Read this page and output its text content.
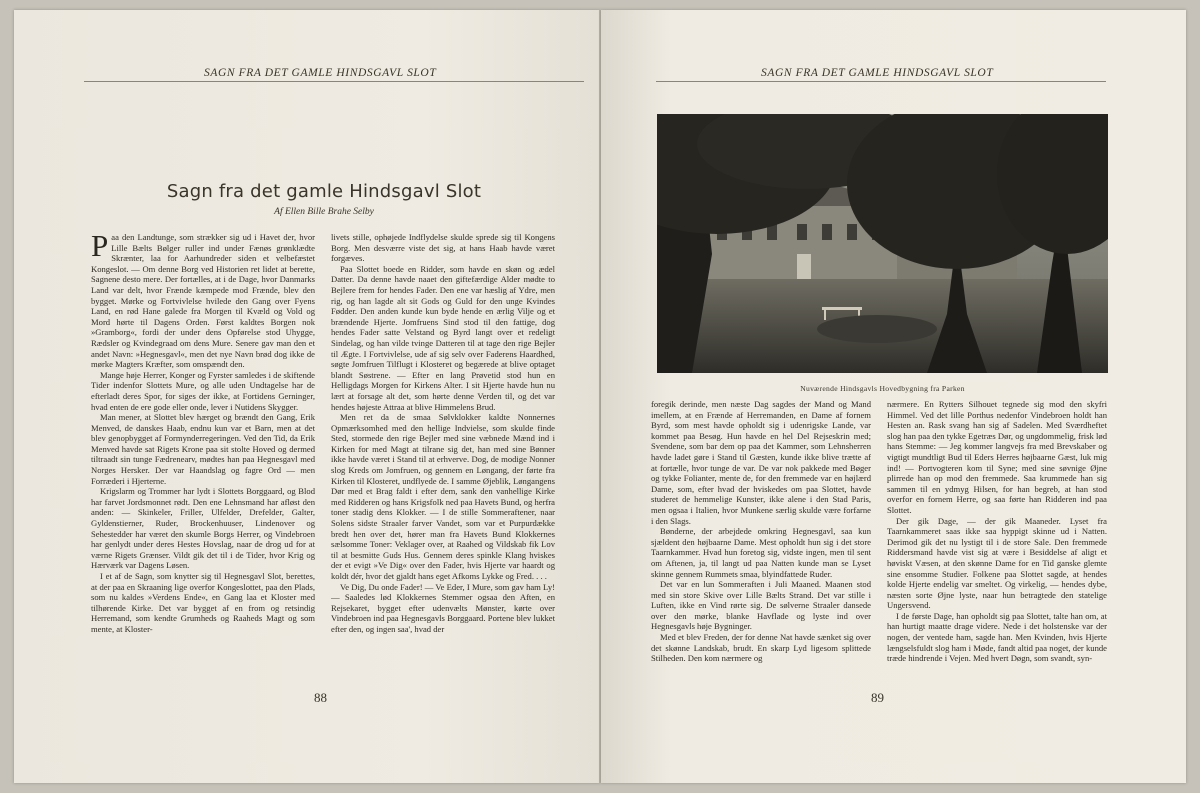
SAGN FRA DET GAMLE HINDSGAVL SLOT
Sagn fra det gamle Hindsgavl Slot
Af Ellen Bille Brahe Selby

Paa den Landtunge, som strækker sig ud i Havet der, hvor Lille Bælts Bølger ruller ind under Fænøs grønklædte Skrænter, laa for Aarhundreder siden et velbefæstet Kongeslot. — Om denne Borg ved Historien ret lidet at berette, Sagnene desto mere. Der fortælles, at i de Dage, hvor Danmarks Land var delt, hvor Frænde kæmpede mod Frænde, blev den bygget. Mørke og Fortvivlelse hvilede den Gang over Fyens Land, en rød Hane galede fra Morgen til Kvæld og Vold og Mord hørte til Dagens Orden. Først kaldtes Borgen nok »Gramborg«, fordi der under dens Opførelse stod Uhygge, Rædsler og Kvindegraad om dens Mure. Senere gav man den et andet Navn: »Hegnesgavl«, men det nye Navn brød dog ikke de mørke Magters Kræfter, som omspændt den.

Mange høje Herrer, Konger og Fyrster samledes i de skiftende Tider indenfor Slottets Mure, og alle uden Undtagelse har de efterladt deres Spor, for siges der ikke, at Fortidens Gerninger, hvad enten de ere gode eller onde, lever i Nutidens Skygger.

Man mener, at Slottet blev hærget og brændt den Gang, Erik Menved, de danskes Haab, endnu kun var et Barn, men at det blev genopbygget af Formynderregeringen. Ved den Tid, da Erik Menved havde sat Rigets Krone paa sit stolte Hoved og dermed tiltraadt sin tunge Fædrenearv, mødtes han paa Hegnesgavl med Norges Hersker. Der var Haandslag og fagre Ord — men Forræderi i Hjerterne.

Krigslarm og Trommer har lydt i Slottets Borggaard, og Blod har farvet Jordsmonnet rødt. Den ene Lehnsmand har afløst den anden: — Skinkeler, Friller, Ulfelder, Drefelder, Galter, Gyldenstierner, Ruder, Brockenhuuser, Lindenover og Sehestedder har været den skumle Borgs Herrer, og Vindebroen har genlydt under deres Hestes Hovslag, naar de drog ud for at værne Rigets Grænser. Vildt gik det til i de Tider, hvor Krig og Hærværk var Dagens Løsen.

I et af de Sagn, som knytter sig til Hegnesgavl Slot, berettes, at der paa en Skraaning lige overfor Kongeslottet, paa den Plads, som nu kaldes »Verdens Ende«, en Gang laa et Kloster med tilhørende Kirke. Det var bygget af en from og retsindig Herremand, som kendte Grumheds og Raaheds Magt og som mente, at Kloster-

livets stille, ophøjede Indflydelse skulde sprede sig til Kongens Borg. Men desværre viste det sig, at hans Haab havde været forgæves.

Paa Slottet boede en Ridder, som havde en skøn og ædel Datter. Da denne havde naaet den giftefærdige Alder mødte to Bejlere frem for hendes Fader. Den ene var hæslig af Ydre, men rig, og han lagde alt sit Gods og Guld for den unge Kvindes Fødder. Den anden kunde kun byde hende en ærlig Vilje og et brændende Hjerte. Jomfruens Sind stod til den fattige, dog hendes Fader satte Velstand og Byrd langt over et redeligt Sindelag, og han vilde tvinge Datteren til at tage den rige Bejler til Ægte. I Fortvivlelse, ude af sig selv over Faderens Haardhed, søgte Jomfruen Tilflugt i Klosteret og begærede at blive optaget blandt Søstrene. — Efter en lang Prøvetid stod hun en Helligdags Morgen for Kirkens Alter. I sit Hjerte havde hun nu lært at forsage alt det, som hørte denne Verden til, og det var hendes højeste Attraa at blive Himmelens Brud.

Men ret da de smaa Sølvklokker kaldte Nonnernes Opmærksomhed med den hellige Indvielse, som skulde finde Sted, stormede den rige Bejler med sine væbnede Mænd ind i Kirken for med Magt at tilrane sig det, han med sine Bønner ikke havde været i Stand til at erhverve. Dog, de modige Nonner slog Kreds om Jomfruen, og gennem en Løngang, der førte fra Kirken til Klosteret, undflyede de. I samme Øjeblik, Løngangens Dør med et Brag faldt i efter dem, sank den vanhellige Kirke med Ridderen og hans Krigsfolk ned paa Havets Bund, og herfra toner stadig dens Klokker. — I de stille Sommeraftener, naar Solens sidste Straaler farver Vandet, som var et Purpurdække bredt hen over det, hører man fra Havets Bund Klokkernes sælsomme Toner: Veklager over, at Raahed og Vildskab fik Lov til at besmitte Guds Hus. Gennem deres spinkle Klang hviskes der et evigt »Ve Dig« over den Fader, hvis Hjerte var haardt og koldt dér, hvor det gjaldt hans eget Afkoms Lykke og Fred. . . .

Ve Dig, Du onde Fader! — Ve Eder, I Mure, som gav ham Ly! — Saaledes lød Klokkernes Stemmer ogsaa den Aften, en Rejsekaret, bygget efter udenvælts Mønster, kørte over Vindebroen ind paa Hegnesgavls Borggaard. Portene blev lukket efter den, og ingen saa', hvad der

88
SAGN FRA DET GAMLE HINDSGAVL SLOT
Nuværende Hindsgavls Hovedbygning fra Parken

foregik derinde, men næste Dag sagdes der Mand og Mand imellem, at en Frænde af Herremanden, en Dame af fornem Byrd, som mest havde opholdt sig i udenrigske Lande, var kommet paa Besøg. Hun havde en hel Del Rejseskrin med; Svendene, som bar dem op paa det Kammer, som Lehnsherren havde ladet gøre i Stand til Gæsten, kunde ikke blive trætte af at fortælle, hvor tunge de var. De var nok pakkede med Bøger og tykke Folianter, mente de, for den fremmede var en højlærd Dame, som, efter hvad der hviskedes om paa Slottet, havde studeret de hemmelige Kunster, ikke alene i den Stad Paris, men ogsaa i Italien, hvor Munkene særlig skulde være forfarne i den Slags.

Bønderne, der arbejdede omkring Hegnesgavl, saa kun sjældent den højbaarne Dame. Mest opholdt hun sig i det store Taarnkammer. Hvad hun foretog sig, vidste ingen, men til sent om Aftenen, ja, til langt ud paa Natten kunde man se Lyset skinne gennem Rummets smaa, blyindfattede Ruder.

Det var en lun Sommeraften i Juli Maaned. Maanen stod med sin store Skive over Lille Bælts Strand. Det var stille i Luften, ikke en Vind rørte sig. De sølverne Straaler dansede over den mørke, blanke Havflade og lyste ind over Hegnesgavls høje Bygninger.

Med et blev Freden, der for denne Nat havde sænket sig over det skønne Landskab, brudt. En skarp Lyd ligesom splittede Stilheden. Den kom nærmere og

nærmere. En Rytters Silhouet tegnede sig mod den skyfri Himmel. Ved det lille Porthus nedenfor Vindebroen holdt han Hesten an. Rask svang han sig af Sadelen. Med Sværdheftet slog han paa den tykke Egetræs Dør, og ungdommelig, frisk lød hans Stemme: — Jeg kommer langvejs fra med Brevskaber og vigtigt mundtligt Bud til Eders Herres højbaarne Gæst, luk mig ind! — Portvogteren kom til Syne; med sine søvnige Øjne plirrede han op mod den fremmede. Saa krummede han sig sammen til en ydmyg Hilsen, for han begreb, at han stod overfor en fornem Herre, og saa førte han Ridderen ind paa Slottet.

Der gik Dage, — der gik Maaneder. Lyset fra Taarnkammeret saas ikke saa hyppigt skinne ud i Natten. Derimod gik det nu lystigt til i de store Sale. Den fremmede Riddersmand havde vist sig at være i Besiddelse af aligt et høviskt Væsen, at den skønne Dame for en Tid ganske glemte sine ensomme Studier. Folkene paa Slottet sagde, at hendes kolde Hjerte endelig var smeltet. Og virkelig, — hendes dybe, næsten sorte Øjne lyste, naar hun betragtede den statelige Ungersvend.

I de første Dage, han opholdt sig paa Slottet, talte han om, at han hurtigt maatte drage videre. Nede i det holstenske var der nogen, der ventede ham, sagde han. Men Kvinden, hvis Hjerte længselsfuldt slog ham i Møde, fandt altid paa noget, der kunde træde hindrende i Vejen. Med hvert Døgn, som svandt, syn-

89
